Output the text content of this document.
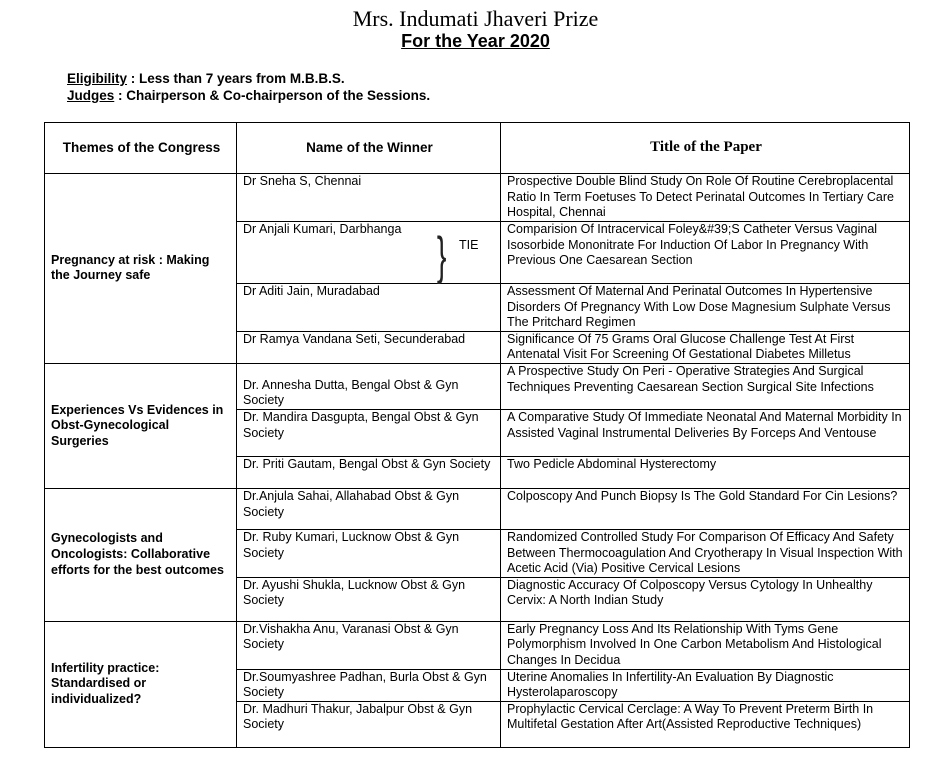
Mrs. Indumati Jhaveri Prize
For the Year 2020
Eligibility : Less than 7 years from M.B.B.S.
Judges : Chairperson & Co-chairperson of the Sessions.
Themes of the Congress	Name of the Winner	Title of the Paper
Pregnancy at risk : Making the Journey safe	Dr Sneha S, Chennai	Prospective Double Blind Study On Role Of Routine Cerebroplacental Ratio In Term Foetuses To Detect Perinatal Outcomes In Tertiary Care Hospital, Chennai

	Dr Anjali Kumari, Darbhanga } TIE	Comparision Of Intracervical Foley&#39;S Catheter Versus Vaginal Isosorbide Mononitrate For Induction Of Labor In Pregnancy With Previous One Caesarean Section
	Dr Aditi Jain, Muradabad	Assessment Of Maternal And Perinatal Outcomes In Hypertensive Disorders Of Pregnancy With Low Dose Magnesium Sulphate Versus The Pritchard Regimen
	Dr Ramya Vandana Seti, Secunderabad	Significance Of 75 Grams Oral Glucose Challenge Test At First Antenatal Visit For Screening Of Gestational Diabetes Milletus
Experiences Vs Evidences in Obst-Gynecological Surgeries	Dr. Annesha Dutta, Bengal Obst & Gyn Society	A Prospective Study On Peri - Operative Strategies And Surgical Techniques Preventing Caesarean Section Surgical Site Infections
	Dr. Mandira Dasgupta, Bengal Obst & Gyn Society	A Comparative Study Of Immediate Neonatal And Maternal Morbidity In Assisted Vaginal Instrumental Deliveries By Forceps And Ventouse
	Dr. Priti Gautam, Bengal Obst & Gyn Society	Two Pedicle Abdominal Hysterectomy
Gynecologists and Oncologists: Collaborative efforts for the best outcomes	Dr.Anjula Sahai, Allahabad Obst & Gyn Society	Colposcopy And Punch Biopsy Is The Gold Standard For Cin Lesions?
	Dr. Ruby Kumari, Lucknow Obst & Gyn Society	Randomized Controlled Study For Comparison Of Efficacy And Safety Between Thermocoagulation And Cryotherapy In Visual Inspection With Acetic Acid (Via) Positive Cervical Lesions
	Dr. Ayushi Shukla, Lucknow Obst & Gyn Society	Diagnostic Accuracy Of Colposcopy Versus Cytology In Unhealthy Cervix: A North Indian Study
Infertility practice: Standardised or individualized?	Dr.Vishakha Anu, Varanasi Obst & Gyn Society	Early Pregnancy Loss And Its Relationship With Tyms Gene Polymorphism Involved In One Carbon Metabolism And Histological Changes In Decidua
	Dr.Soumyashree Padhan, Burla Obst & Gyn Society	Uterine Anomalies In Infertility-An Evaluation By Diagnostic Hysterolaparoscopy
	Dr. Madhuri Thakur, Jabalpur Obst & Gyn Society	Prophylactic Cervical Cerclage: A Way To Prevent Preterm Birth In Multifetal Gestation After Art(Assisted Reproductive Techniques)
